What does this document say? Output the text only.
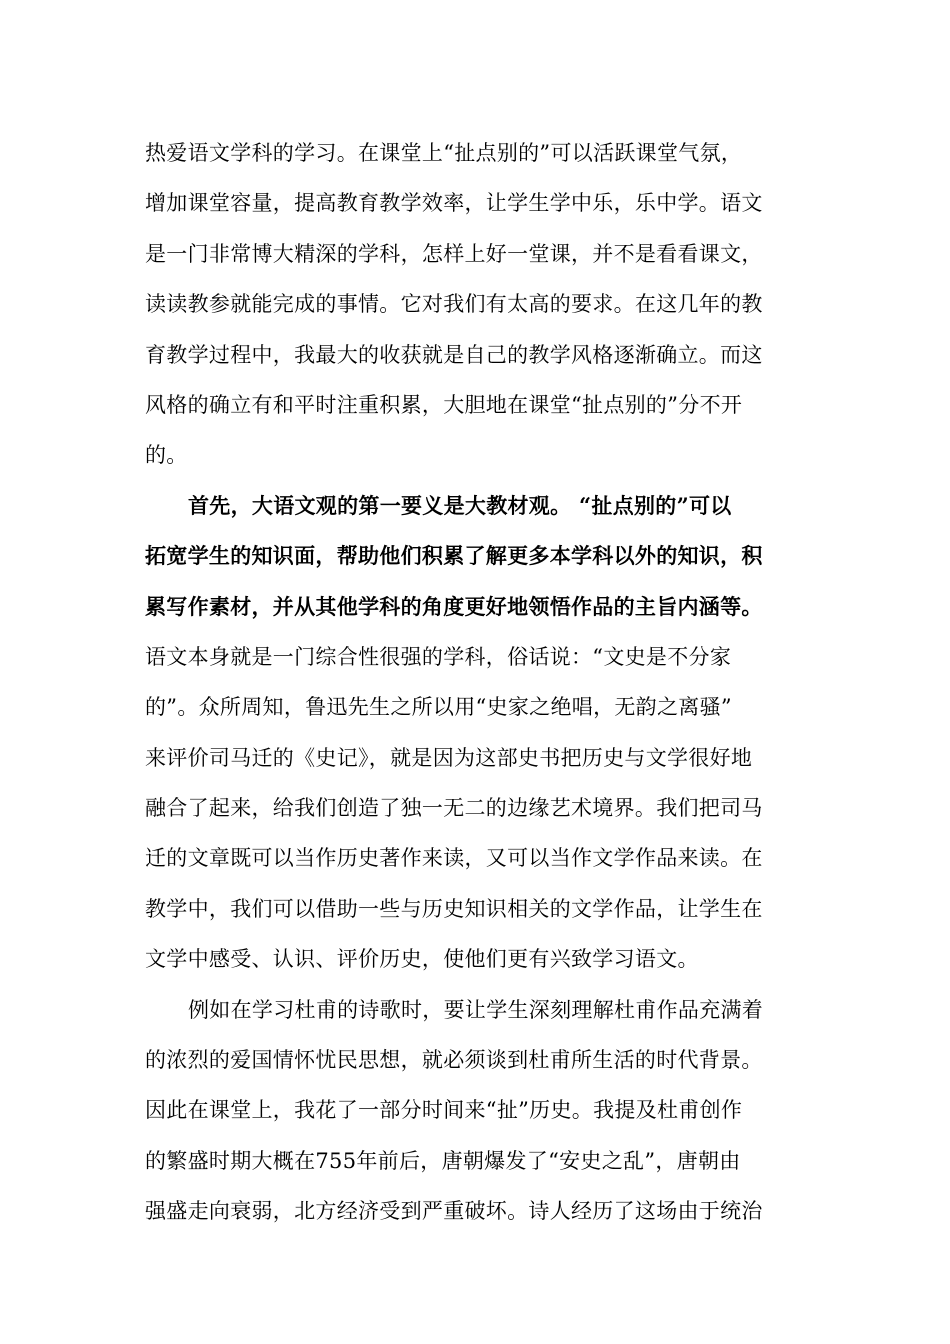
热爱语文学科的学习。在课堂上“扯点别的”可以活跃课堂气氛，
增加课堂容量，提高教育教学效率，让学生学中乐，乐中学。语文
是一门非常博大精深的学科，怎样上好一堂课，并不是看看课文，
读读教参就能完成的事情。它对我们有太高的要求。在这几年的教
育教学过程中，我最大的收获就是自己的教学风格逐渐确立。而这
风格的确立有和平时注重积累，大胆地在课堂“扯点别的”分不开
的。
首先，大语文观的第一要义是大教材观。 “扯点别的”可以
拓宽学生的知识面，帮助他们积累了解更多本学科以外的知识，积
累写作素材，并从其他学科的角度更好地领悟作品的主旨内涵等。
语文本身就是一门综合性很强的学科，俗话说：“文史是不分家
的”。众所周知，鲁迅先生之所以用“史家之绝唱，无韵之离骚”
来评价司马迁的《史记》，就是因为这部史书把历史与文学很好地
融合了起来，给我们创造了独一无二的边缘艺术境界。我们把司马
迁的文章既可以当作历史著作来读，又可以当作文学作品来读。在
教学中，我们可以借助一些与历史知识相关的文学作品，让学生在
文学中感受、认识、评价历史，使他们更有兴致学习语文。
例如在学习杜甫的诗歌时，要让学生深刻理解杜甫作品充满着
的浓烈的爱国情怀忧民思想，就必须谈到杜甫所生活的时代背景。
因此在课堂上，我花了一部分时间来“扯”历史。我提及杜甫创作
的繁盛时期大概在755年前后，唐朝爆发了“安史之乱”，唐朝由
强盛走向衰弱，北方经济受到严重破坏。诗人经历了这场由于统治
